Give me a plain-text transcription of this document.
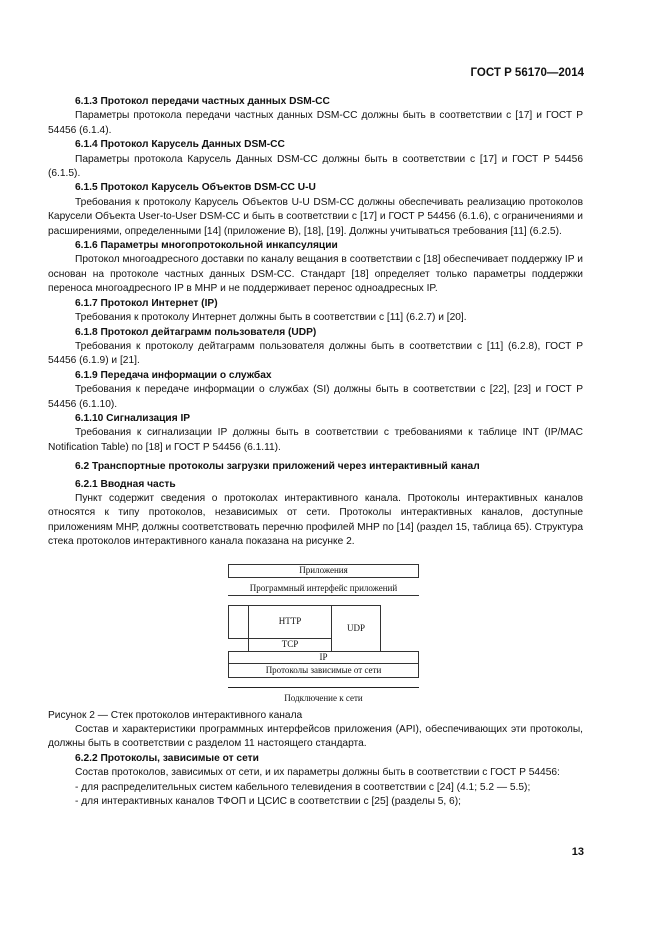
ГОСТ Р 56170—2014
6.1.3 Протокол передачи частных данных DSM-CC

Параметры протокола передачи частных данных DSM-CC должны быть в соответствии с [17] и ГОСТ Р 54456 (6.1.4).

6.1.4 Протокол Карусель Данных DSM-CC

Параметры протокола Карусель Данных DSM-CC должны быть в соответствии с [17] и ГОСТ Р 54456 (6.1.5).

6.1.5 Протокол Карусель Объектов DSM-CC U-U

Требования к протоколу Карусель Объектов U-U DSM-CC должны обеспечивать реализацию протоколов Карусели Объекта User-to-User DSM-CC и быть в соответствии с [17] и ГОСТ Р 54456 (6.1.6), с ограничениями и расширениями, определенными [14] (приложение В), [18], [19]. Должны учитываться требования [11] (6.2.5).

6.1.6 Параметры многопротокольной инкапсуляции

Протокол многоадресного доставки по каналу вещания в соответствии с [18] обеспечивает поддержку IP и основан на протоколе частных данных DSM-CC. Стандарт [18] определяет только параметры поддержки переноса многоадресного IP в МНР и не поддерживает перенос одноадресных IP.

6.1.7 Протокол Интернет (IP)

Требования к протоколу Интернет должны быть в соответствии с [11] (6.2.7) и [20].

6.1.8 Протокол дейтаграмм пользователя (UDP)

Требования к протоколу дейтаграмм пользователя должны быть в соответствии с [11] (6.2.8), ГОСТ Р 54456 (6.1.9) и [21].

6.1.9 Передача информации о службах

Требования к передаче информации о службах (SI) должны быть в соответствии с [22], [23] и ГОСТ Р 54456 (6.1.10).

6.1.10 Сигнализация IP

Требования к сигнализации IP должны быть в соответствии с требованиями к таблице INT (IP/MAC Notification Table) по [18] и ГОСТ Р 54456 (6.1.11).

6.2 Транспортные протоколы загрузки приложений через интерактивный канал
6.2.1 Вводная часть

Пункт содержит сведения о протоколах интерактивного канала. Протоколы интерактивных каналов относятся к типу протоколов, независимых от сети. Протоколы интерактивных каналов, доступные приложениям МНР, должны соответствовать перечню профилей МНР по [14] (раздел 15, таблица 65). Структура стека протоколов интерактивного канала показана на рисунке 2.

Приложения
Программный интерфейс приложений
HTTP
UDP
TCP
IP
Протоколы зависимые от сети
Подключение к сети

Рисунок 2 — Стек протоколов интерактивного канала

Состав и характеристики программных интерфейсов приложения (API), обеспечивающих эти протоколы, должны быть в соответствии с разделом 11 настоящего стандарта.

6.2.2 Протоколы, зависимые от сети

Состав протоколов, зависимых от сети, и их параметры должны быть в соответствии с ГОСТ Р 54456:

- для распределительных систем кабельного телевидения в соответствии с [24] (4.1; 5.2 — 5.5);

- для интерактивных каналов ТФОП и ЦСИС в соответствии с [25] (разделы 5, 6);

13
